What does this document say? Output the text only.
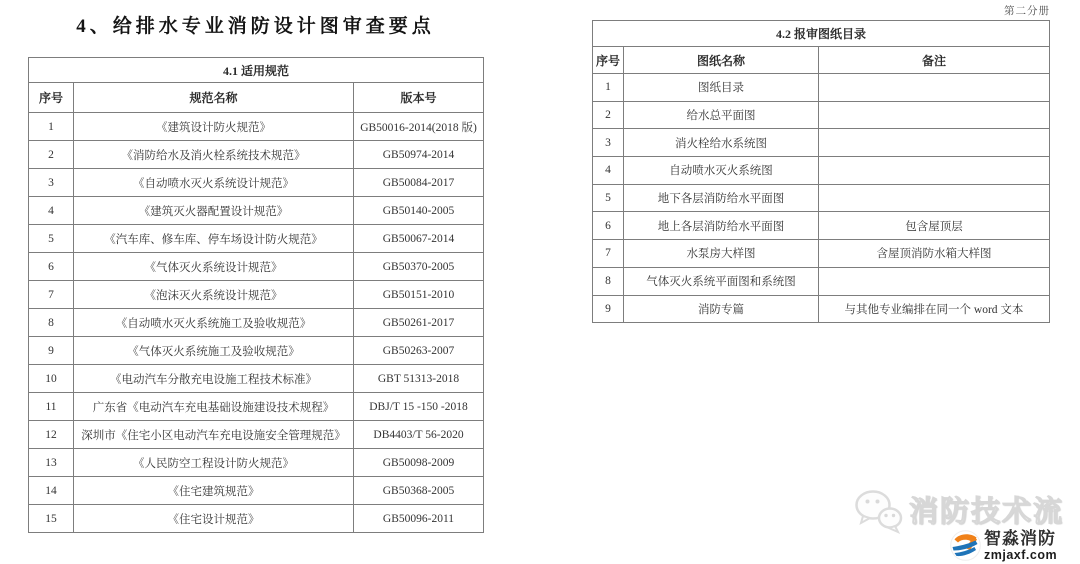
第二分册
4、给排水专业消防设计图审查要点
4.1 适用规范		
序号	规范名称	版本号
1	《建筑设计防火规范》	GB50016-2014(2018 版)
2	《消防给水及消火栓系统技术规范》	GB50974-2014
3	《自动喷水灭火系统设计规范》	GB50084-2017
4	《建筑灭火器配置设计规范》	GB50140-2005
5	《汽车库、修车库、停车场设计防火规范》	GB50067-2014
6	《气体灭火系统设计规范》	GB50370-2005
7	《泡沫灭火系统设计规范》	GB50151-2010
8	《自动喷水灭火系统施工及验收规范》	GB50261-2017
9	《气体灭火系统施工及验收规范》	GB50263-2007
10	《电动汽车分散充电设施工程技术标准》	GBT 51313-2018
11	广东省《电动汽车充电基础设施建设技术规程》	DBJ/T 15 -150 -2018
12	深圳市《住宅小区电动汽车充电设施安全管理规范》	DB4403/T 56-2020
13	《人民防空工程设计防火规范》	GB50098-2009
14	《住宅建筑规范》	GB50368-2005
15	《住宅设计规范》	GB50096-2011
4.2 报审图纸目录		
序号	图纸名称	备注
1	图纸目录	
2	给水总平面图	
3	消火栓给水系统图	
4	自动喷水灭火系统图	
5	地下各层消防给水平面图	
6	地上各层消防给水平面图	包含屋顶层
7	水泵房大样图	含屋顶消防水箱大样图
8	气体灭火系统平面图和系统图	
9	消防专篇	与其他专业编排在同一个 word 文本
消防技术流
智淼消防
zmjaxf.com
